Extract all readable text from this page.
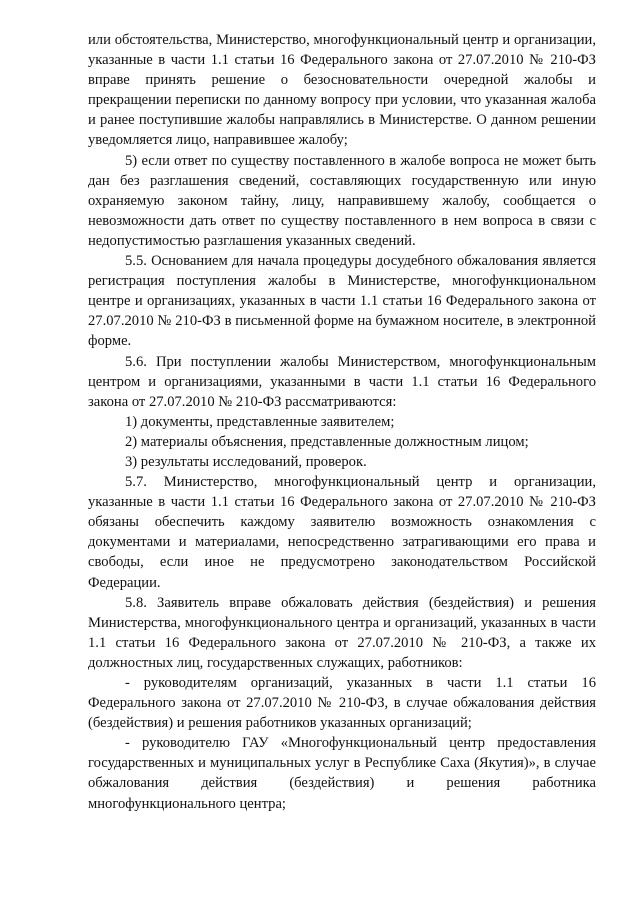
или обстоятельства, Министерство, многофункциональный центр и организации, указанные в части 1.1 статьи 16 Федерального закона от 27.07.2010 № 210-ФЗ вправе принять решение о безосновательности очередной жалобы и прекращении переписки по данному вопросу при условии, что указанная жалоба и ранее поступившие жалобы направлялись в Министерстве. О данном решении уведомляется лицо, направившее жалобу;

5) если ответ по существу поставленного в жалобе вопроса не может быть дан без разглашения сведений, составляющих государственную или иную охраняемую законом тайну, лицу, направившему жалобу, сообщается о невозможности дать ответ по существу поставленного в нем вопроса в связи с недопустимостью разглашения указанных сведений.

5.5. Основанием для начала процедуры досудебного обжалования является регистрация поступления жалобы в Министерстве, многофункциональном центре и организациях, указанных в части 1.1 статьи 16 Федерального закона от 27.07.2010 № 210-ФЗ в письменной форме на бумажном носителе, в электронной форме.

5.6. При поступлении жалобы Министерством, многофункциональным центром и организациями, указанными в части 1.1 статьи 16 Федерального закона от 27.07.2010 № 210-ФЗ рассматриваются:

1) документы, представленные заявителем;

2) материалы объяснения, представленные должностным лицом;

3) результаты исследований, проверок.

5.7. Министерство, многофункциональный центр и организации, указанные в части 1.1 статьи 16 Федерального закона от 27.07.2010 № 210-ФЗ обязаны обеспечить каждому заявителю возможность ознакомления с документами и материалами, непосредственно затрагивающими его права и свободы, если иное не предусмотрено законодательством Российской Федерации.

5.8. Заявитель вправе обжаловать действия (бездействия) и решения Министерства, многофункционального центра и организаций, указанных в части 1.1 статьи 16 Федерального закона от 27.07.2010 № 210-ФЗ, а также их должностных лиц, государственных служащих, работников:

- руководителям организаций, указанных в части 1.1 статьи 16 Федерального закона от 27.07.2010 № 210-ФЗ, в случае обжалования действия (бездействия) и решения работников указанных организаций;

- руководителю ГАУ «Многофункциональный центр предоставления государственных и муниципальных услуг в Республике Саха (Якутия)», в случае обжалования действия (бездействия) и решения работника многофункционального центра;
